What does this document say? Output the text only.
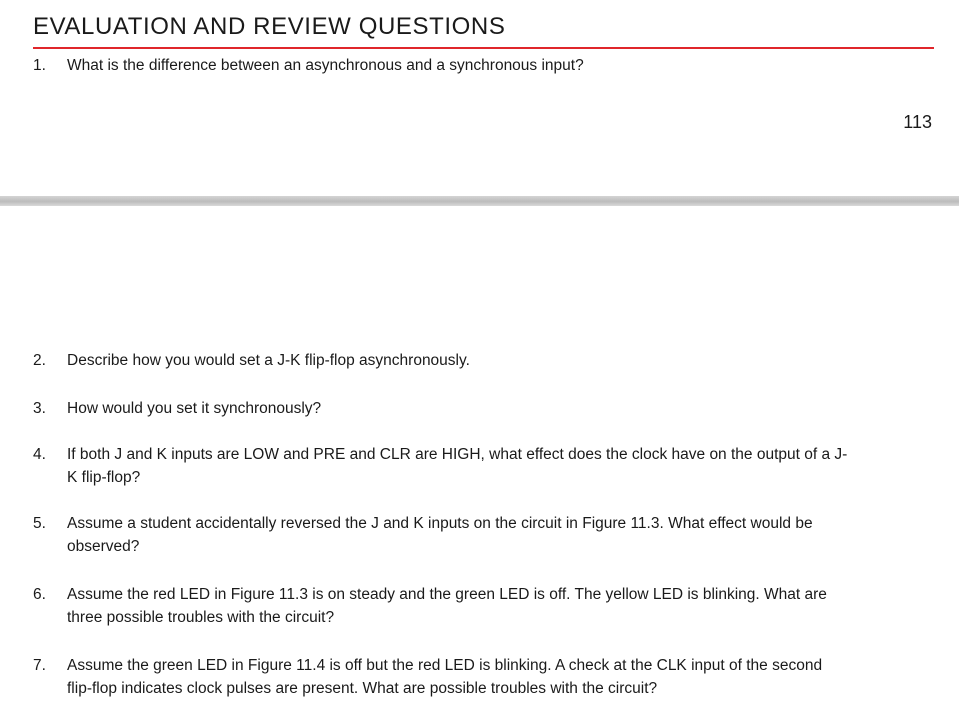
EVALUATION AND REVIEW QUESTIONS
1.	What is the difference between an asynchronous and a synchronous input?
113
2.	Describe how you would set a J-K flip-flop asynchronously.
3.	How would you set it synchronously?
4.	If both J and K inputs are LOW and PRE and CLR are HIGH, what effect does the clock have on the output of a J-
K flip-flop?
5.	Assume a student accidentally reversed the J and K inputs on the circuit in Figure 11.3. What effect would be
observed?
6.	Assume the red LED in Figure 11.3 is on steady and the green LED is off. The yellow LED is blinking. What are
three possible troubles with the circuit?
7.	Assume the green LED in Figure 11.4 is off but the red LED is blinking. A check at the CLK input of the second
flip-flop indicates clock pulses are present. What are possible troubles with the circuit?
